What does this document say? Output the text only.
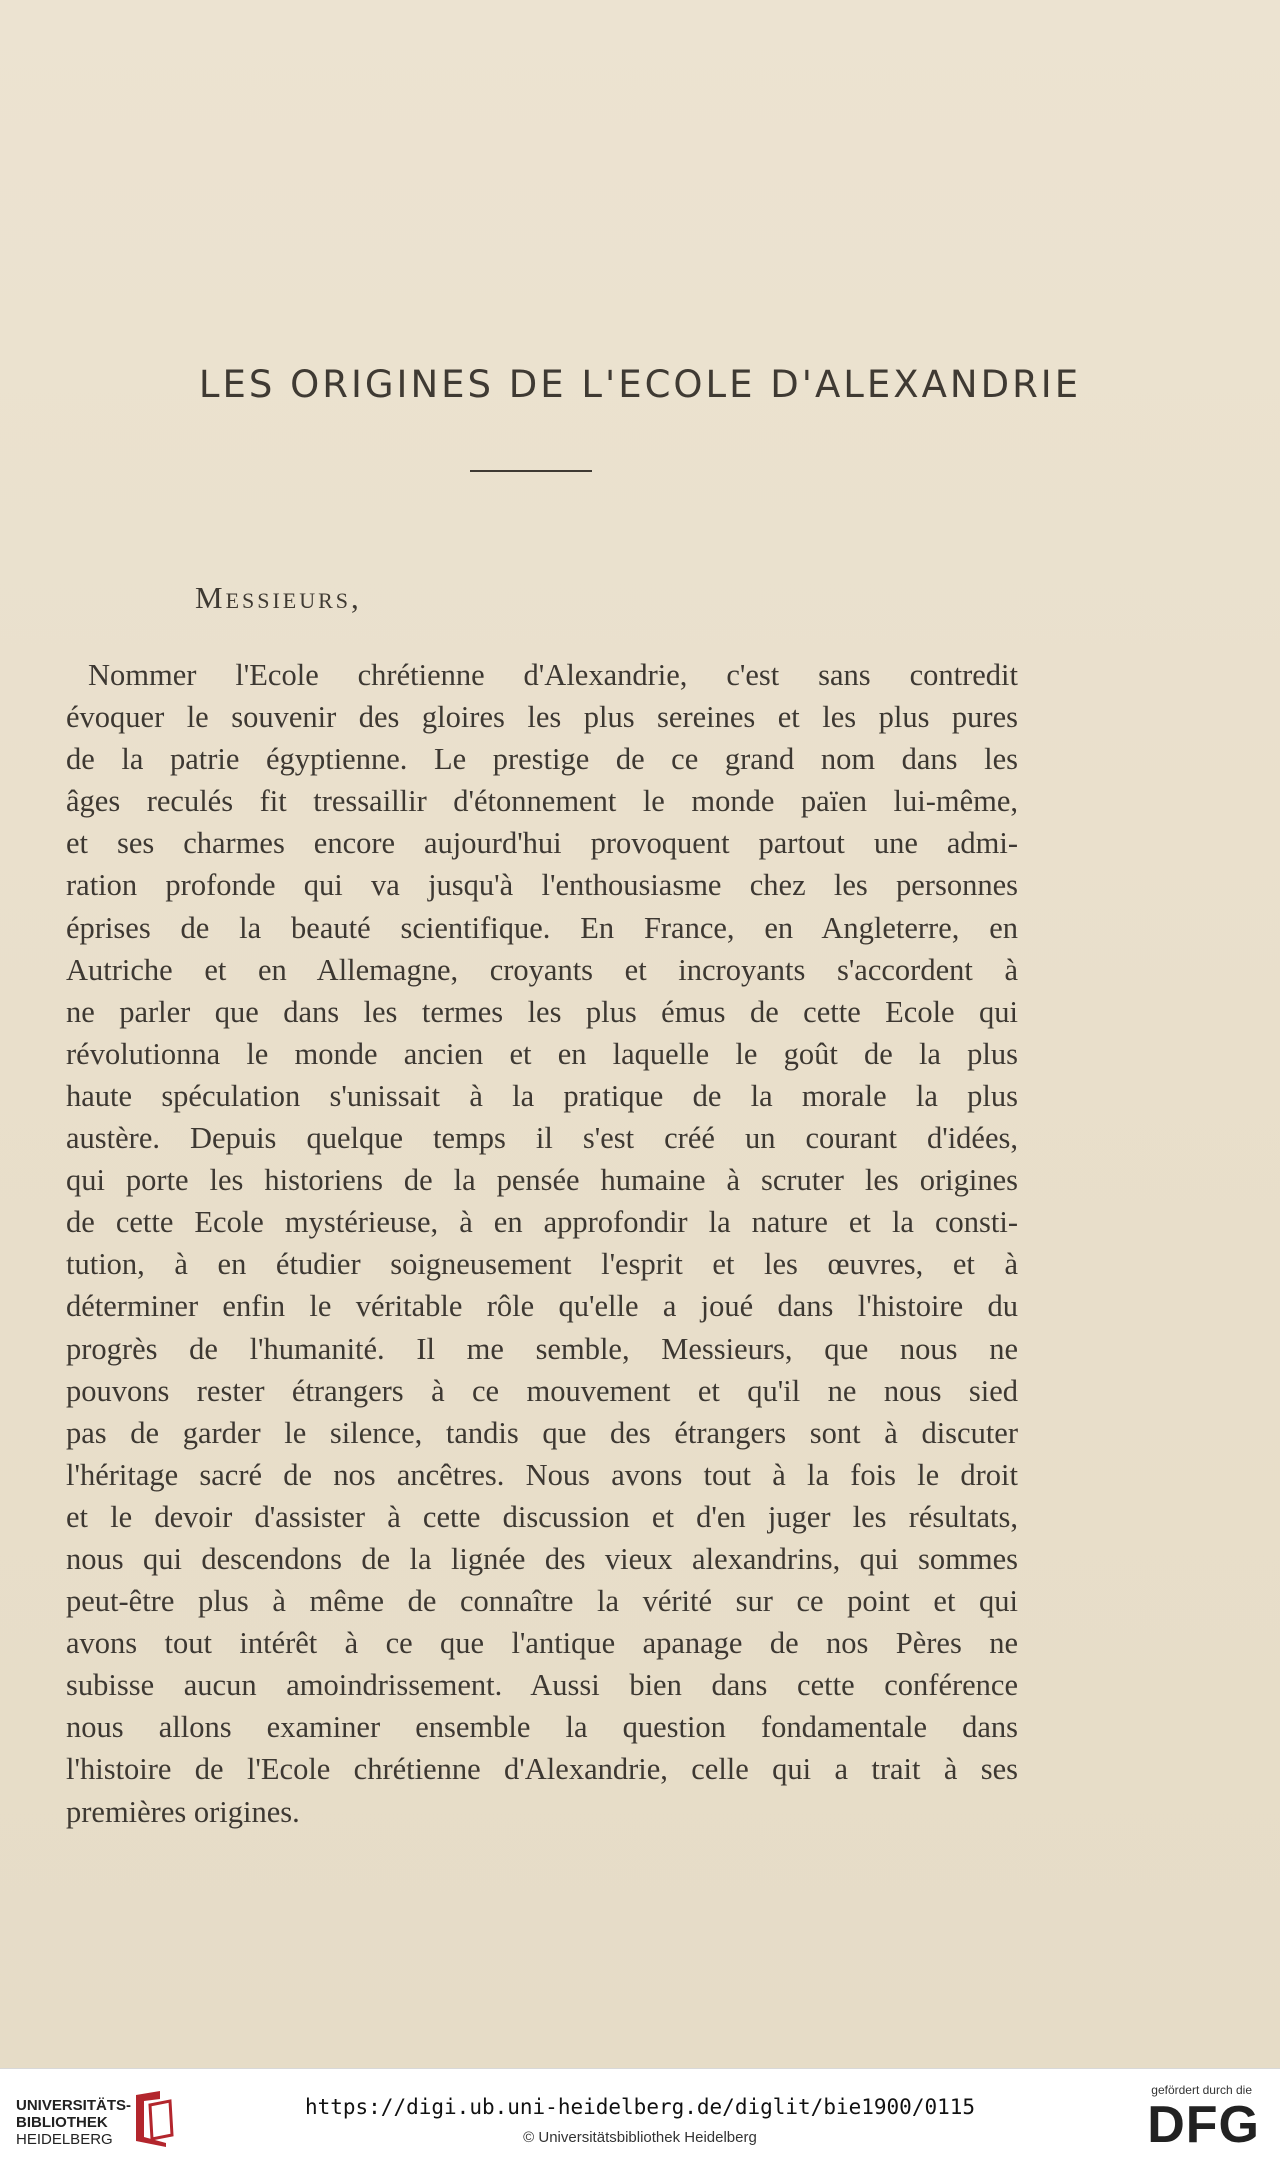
LES ORIGINES DE L'ECOLE D'ALEXANDRIE
Messieurs,
Nommer l'Ecole chrétienne d'Alexandrie, c'est sans contredit
évoquer le souvenir des gloires les plus sereines et les plus pures
de la patrie égyptienne. Le prestige de ce grand nom dans les
âges reculés fit tressaillir d'étonnement le monde païen lui-même,
et ses charmes encore aujourd'hui provoquent partout une admi-
ration profonde qui va jusqu'à l'enthousiasme chez les personnes
éprises de la beauté scientifique. En France, en Angleterre, en
Autriche et en Allemagne, croyants et incroyants s'accordent à
ne parler que dans les termes les plus émus de cette Ecole qui
révolutionna le monde ancien et en laquelle le goût de la plus
haute spéculation s'unissait à la pratique de la morale la plus
austère. Depuis quelque temps il s'est créé un courant d'idées,
qui porte les historiens de la pensée humaine à scruter les origines
de cette Ecole mystérieuse, à en approfondir la nature et la consti-
tution, à en étudier soigneusement l'esprit et les œuvres, et à
déterminer enfin le véritable rôle qu'elle a joué dans l'histoire du
progrès de l'humanité. Il me semble, Messieurs, que nous ne
pouvons rester étrangers à ce mouvement et qu'il ne nous sied
pas de garder le silence, tandis que des étrangers sont à discuter
l'héritage sacré de nos ancêtres. Nous avons tout à la fois le droit
et le devoir d'assister à cette discussion et d'en juger les résultats,
nous qui descendons de la lignée des vieux alexandrins, qui sommes
peut-être plus à même de connaître la vérité sur ce point et qui
avons tout intérêt à ce que l'antique apanage de nos Pères ne
subisse aucun amoindrissement. Aussi bien dans cette conférence
nous allons examiner ensemble la question fondamentale dans
l'histoire de l'Ecole chrétienne d'Alexandrie, celle qui a trait à ses
premières origines.
UNIVERSITÄTS-
BIBLIOTHEK
HEIDELBERG
https://digi.ub.uni-heidelberg.de/diglit/bie1900/0115
© Universitätsbibliothek Heidelberg
gefördert durch die
DFG
